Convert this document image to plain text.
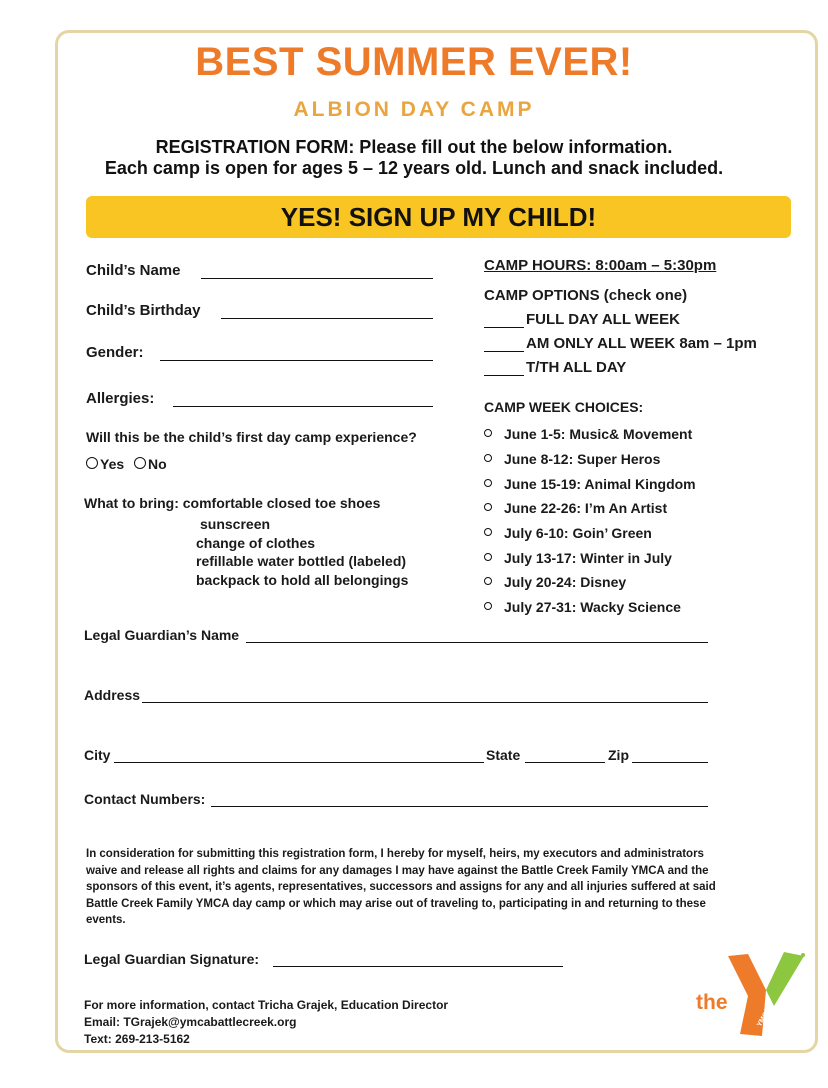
BEST SUMMER EVER!
ALBION DAY CAMP
REGISTRATION FORM: Please fill out the below information.
Each camp is open for ages 5 – 12 years old. Lunch and snack included.
YES! SIGN UP MY CHILD!
Child’s Name
Child’s Birthday
Gender:
Allergies:
Will this be the child’s first day camp experience?
Yes No
What to bring: comfortable closed toe shoes
sunscreen
change of clothes
refillable water bottled (labeled)
backpack to hold all belongings
CAMP HOURS: 8:00am – 5:30pm
CAMP OPTIONS (check one)
FULL DAY ALL WEEK
AM ONLY ALL WEEK 8am – 1pm
T/TH ALL DAY
CAMP WEEK CHOICES:
June 1-5: Music& Movement
June 8-12: Super Heros
June 15-19: Animal Kingdom
June 22-26: I’m An Artist
July 6-10: Goin’ Green
July 13-17: Winter in July
July 20-24: Disney
July 27-31: Wacky Science
Legal Guardian’s Name
Address
City	State	Zip
Contact Numbers:
In consideration for submitting this registration form, I hereby for myself, heirs, my executors and administrators waive and release all rights and claims for any damages I may have against the Battle Creek Family YMCA and the sponsors of this event, it’s agents, representatives, successors and assigns for any and all injuries suffered at said Battle Creek Family YMCA day camp or which may arise out of traveling to, participating in and returning to these events.
Legal Guardian Signature:
For more information, contact Tricha Grajek, Education Director
Email: TGrajek@ymcabattlecreek.org
Text: 269-213-5162
the
YMCA
